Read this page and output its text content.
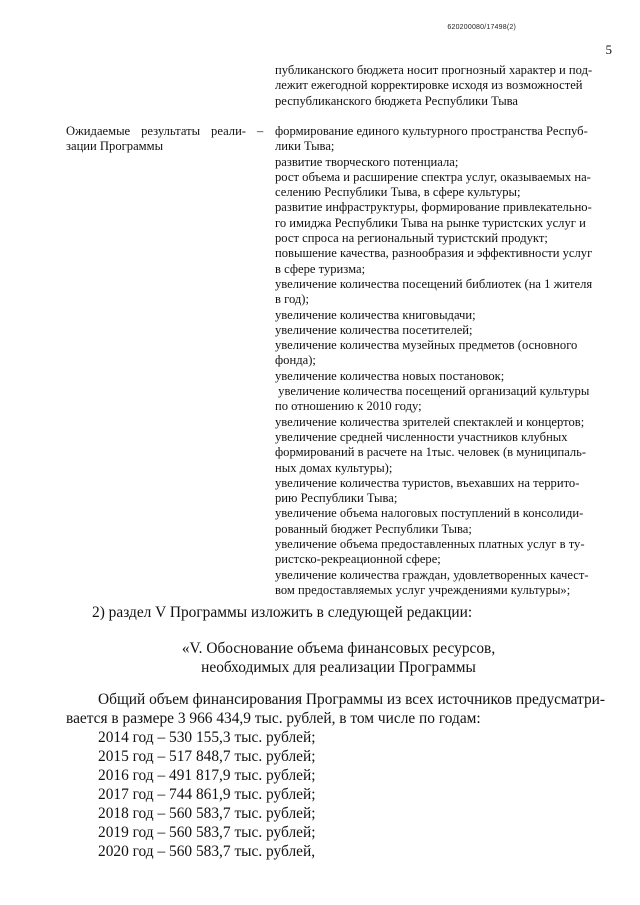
620200080/17498(2)
5
публиканского бюджета носит прогнозный характер и под-
лежит ежегодной корректировке исходя из возможностей
республиканского бюджета Республики Тыва
Ожидаемые результаты реали-
зации Программы
– формирование единого культурного пространства Респуб-
лики Тыва;
развитие творческого потенциала;
рост объема и расширение спектра услуг, оказываемых на-
селению Республики Тыва, в сфере культуры;
развитие инфраструктуры, формирование привлекательно-
го имиджа Республики Тыва на рынке туристских услуг и
рост спроса на региональный туристский продукт;
повышение качества, разнообразия и эффективности услуг
в сфере туризма;
увеличение количества посещений библиотек (на 1 жителя
в год);
увеличение количества книговыдачи;
увеличение количества посетителей;
увеличение количества музейных предметов (основного
фонда);
увеличение количества новых постановок;
увеличение количества посещений организаций культуры
по отношению к 2010 году;
увеличение количества зрителей спектаклей и концертов;
увеличение средней численности участников клубных
формирований в расчете на 1тыс. человек (в муниципаль-
ных домах культуры);
увеличение количества туристов, въехавших на террито-
рию Республики Тыва;
увеличение объема налоговых поступлений в консолиди-
рованный бюджет Республики Тыва;
увеличение объема предоставленных платных услуг в ту-
ристско-рекреационной сфере;
увеличение количества граждан, удовлетворенных качест-
вом предоставляемых услуг учреждениями культуры»;
2) раздел V Программы изложить в следующей редакции:
«V. Обоснование объема финансовых ресурсов,
необходимых для реализации Программы
Общий объем финансирования Программы из всех источников предусматри-
вается в размере 3 966 434,9 тыс. рублей, в том числе по годам:
2014 год – 530 155,3 тыс. рублей;
2015 год – 517 848,7 тыс. рублей;
2016 год – 491 817,9 тыс. рублей;
2017 год – 744 861,9 тыс. рублей;
2018 год – 560 583,7 тыс. рублей;
2019 год – 560 583,7 тыс. рублей;
2020 год – 560 583,7 тыс. рублей,
